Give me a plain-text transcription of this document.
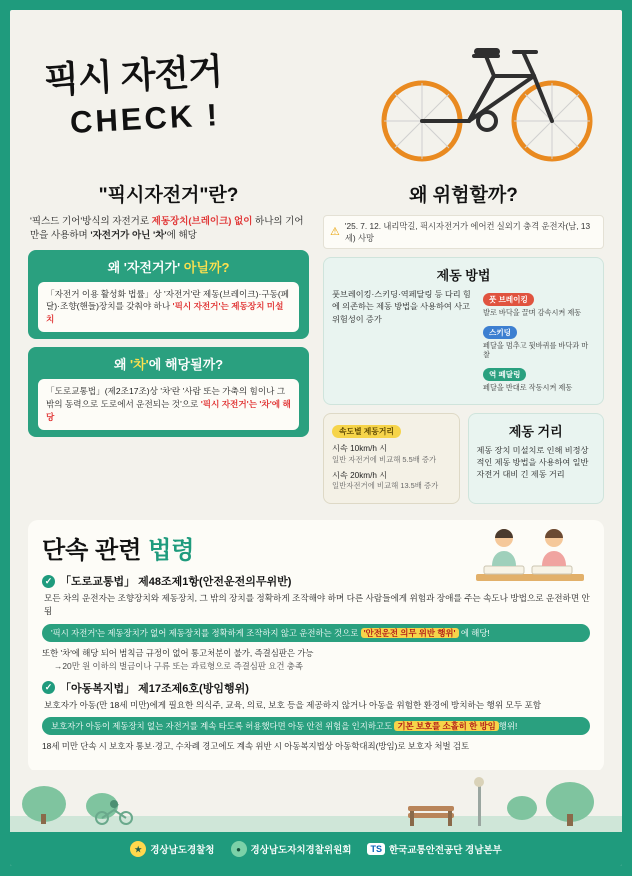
픽시 자전거
CHECK !
"픽시자전거"란?
'픽스드 기어'방식의 자전거로 제동장치(브레이크) 없이 하나의 기어만을 사용하며 '자전거가 아닌 '차'에 해당
왜 '자전거가' 아닐까?
「자전거 이용 활성화 법률」상 '자전거'란 제동(브레이크)·구동(페달)·조향(핸들)장치를 갖춰야 하나 '픽시 자전거'는 제동장치 미설치
왜 '차'에 해당될까?
「도로교통법」(제2조17조)상 '차'란 '사람 또는 가축의 힘이나 그 밖의 동력으로 도로에서 운전되는 것'으로 '픽시 자전거'는 '차'에 해당
왜 위험할까?
⚠ '25. 7. 12. 내리막길, 픽시자전거가 에어컨 실외기 충격 운전자(남, 13세) 사망
제동 방법
풋브레이킹·스키딩·역페달링 등 다리 힘에 의존하는 제동 방법을 사용하여 사고 위험성이 증가
풋 브레이킹
발로 바닥을 끌며 감속시켜 제동
스키딩
페달을 멈추고 뒷바퀴를 바닥과 마찰
역 페달링
페달을 반대로 작동시켜 제동
속도별 제동거리
시속 10km/h 시
일반 자전거에 비교해 5.5배 증가
시속 20km/h 시
일반자전거에 비교해 13.5배 증가
제동 거리
제동 장치 미설치로 인해 비정상적인 제동 방법을 사용하여 일반 자전거 대비 긴 제동 거리
단속 관련 법령
✓ 「도로교통법」 제48조제1항(안전운전의무위반)
모든 차의 운전자는 조향장치와 제동장치, 그 밖의 장치를 정확하게 조작해야 하며 다른 사람들에게 위험과 장애를 주는 속도나 방법으로 운전하면 안됨
'픽시 자전거'는 제동장치가 없어 제동장치를 정확하게 조작하지 않고 운전하는 것으로 '안전운전 의무 위반 행위' 에 해당!
또한 '차'에 해당 되어 범칙금 규정이 없어 통고처분이 불가, 즉결심판은 가능
→20만 원 이하의 벌금이나 구류 또는 과료형으로 즉결심판 요건 충족
✓ 「아동복지법」 제17조제6호(방임행위)
보호자가 아동(만 18세 미만)에게 필요한 의식주, 교육, 의료, 보호 등을 제공하지 않거나 아동을 위험한 환경에 방치하는 행위 모두 포함
보호자가 아동이 제동장치 없는 자전거를 계속 타도록 허용했다면 아동 안전 위험을 인지하고도 기본 보호를 소홀히 한 방임 행위!
18세 미만 단속 시 보호자 통보·경고, 수차례 경고에도 계속 위반 시 아동복지법상 아동학대죄(방임)로 보호자 처벌 검토
★ 경상남도경찰청	●	경상남도자치경찰위원회	TS 한국교통안전공단 경남본부
